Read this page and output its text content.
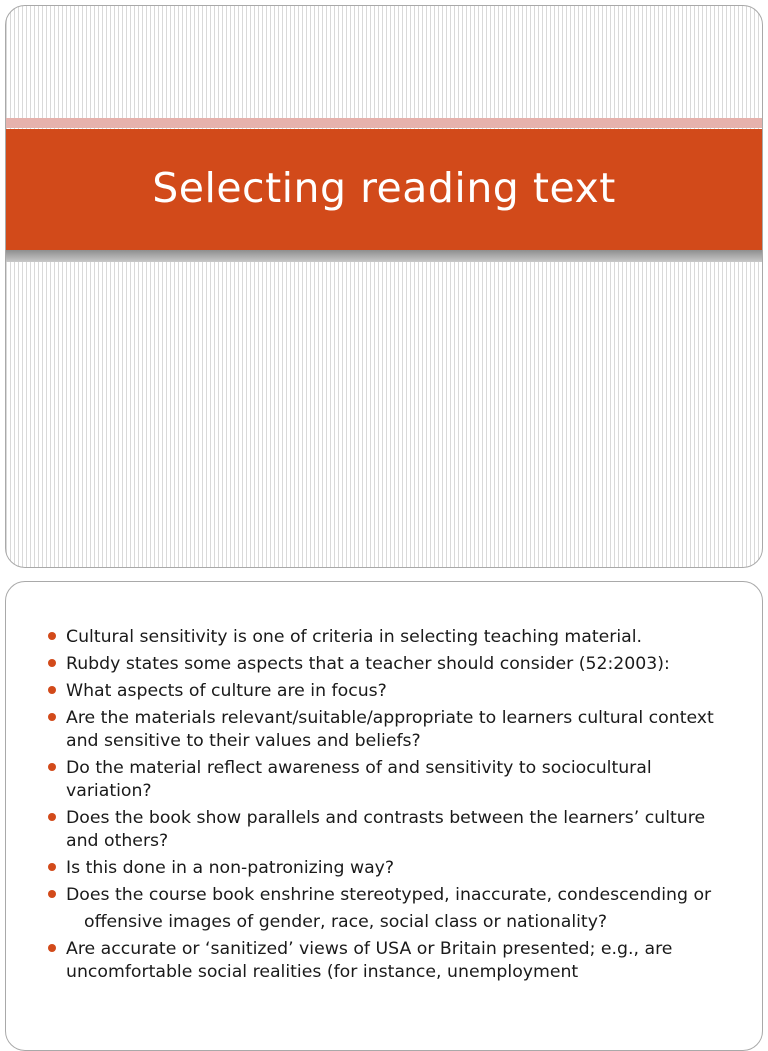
Selecting reading text
Cultural sensitivity is one of criteria in selecting teaching material.
Rubdy states some aspects that a teacher should consider (52:2003):
What aspects of culture are in focus?
Are the materials relevant/suitable/appropriate to learners cultural context and sensitive to their values and beliefs?
Do the material reflect awareness of and sensitivity to sociocultural variation?
Does the book show parallels and contrasts between the learners’ culture and others?
Is this done in a non-patronizing way?
Does the course book enshrine stereotyped, inaccurate, condescending or
offensive images of gender, race, social class or nationality?
Are accurate or ‘sanitized’ views of USA or Britain presented; e.g., are uncomfortable social realities (for instance, unemployment
